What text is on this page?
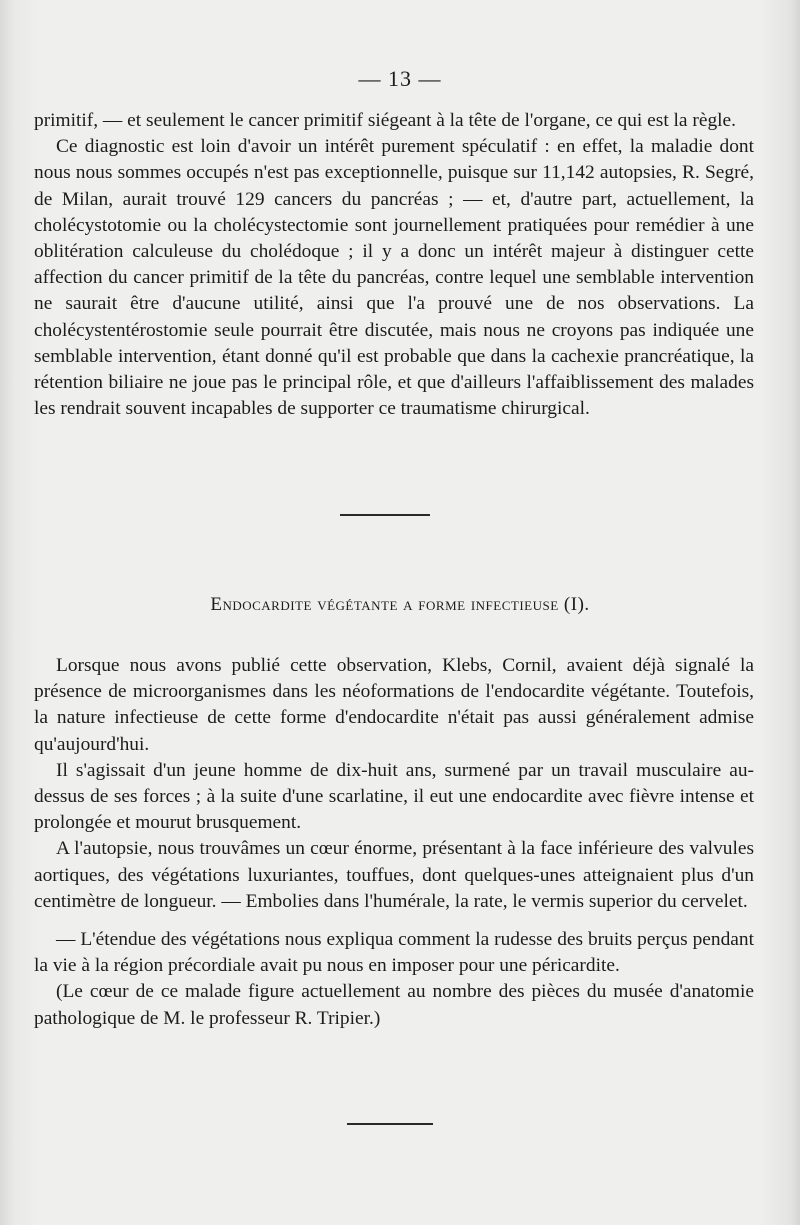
— 13 —

primitif, — et seulement le cancer primitif siégeant à la tête de l'organe, ce qui est la règle.

Ce diagnostic est loin d'avoir un intérêt purement spéculatif : en effet, la maladie dont nous nous sommes occupés n'est pas exceptionnelle, puisque sur 11,142 autopsies, R. Segré, de Milan, aurait trouvé 129 cancers du pancréas ; — et, d'autre part, actuellement, la cholécystotomie ou la cholécystectomie sont journellement pratiquées pour remédier à une oblitération calculeuse du cholédoque ; il y a donc un intérêt majeur à distinguer cette affection du cancer primitif de la tête du pancréas, contre lequel une semblable intervention ne saurait être d'aucune utilité, ainsi que l'a prouvé une de nos observations. La cholécystentérostomie seule pourrait être discutée, mais nous ne croyons pas indiquée une semblable intervention, étant donné qu'il est probable que dans la cachexie prancréatique, la rétention biliaire ne joue pas le principal rôle, et que d'ailleurs l'affaiblissement des malades les rendrait souvent incapables de supporter ce traumatisme chirurgical.

Endocardite végétante a forme infectieuse (I).

Lorsque nous avons publié cette observation, Klebs, Cornil, avaient déjà signalé la présence de microorganismes dans les néoformations de l'endocardite végétante. Toutefois, la nature infectieuse de cette forme d'endocardite n'était pas aussi généralement admise qu'aujourd'hui.

Il s'agissait d'un jeune homme de dix-huit ans, surmené par un travail musculaire au-dessus de ses forces ; à la suite d'une scarlatine, il eut une endocardite avec fièvre intense et prolongée et mourut brusquement.

A l'autopsie, nous trouvâmes un cœur énorme, présentant à la face inférieure des valvules aortiques, des végétations luxuriantes, touffues, dont quelques-unes atteignaient plus d'un centimètre de longueur. — Embolies dans l'humérale, la rate, le vermis superior du cervelet.

— L'étendue des végétations nous expliqua comment la rudesse des bruits perçus pendant la vie à la région précordiale avait pu nous en imposer pour une péricardite.

(Le cœur de ce malade figure actuellement au nombre des pièces du musée d'anatomie pathologique de M. le professeur R. Tripier.)
